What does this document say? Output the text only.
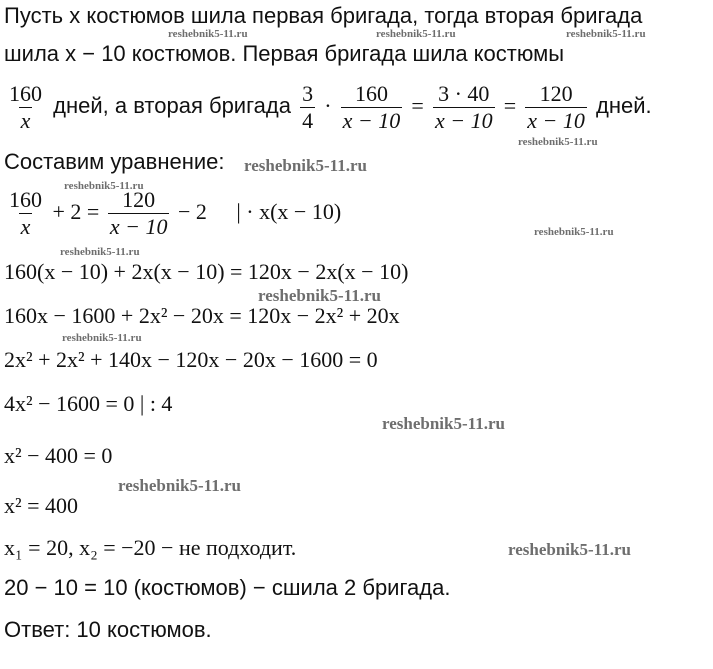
Пусть x костюмов шила первая бригада, тогда вторая бригада
шила x − 10 костюмов. Первая бригада шила костюмы
$\frac{160}{x}$ дней, а вторая бригада $\frac{3}{4} \cdot \frac{160}{x - 10} = \frac{3 \cdot 40}{x - 10} = \frac{120}{x - 10}$ дней.
Составим уравнение:
$\frac{160}{x} + 2 = \frac{120}{x - 10} - 2$ | · x(x − 10)
160(x − 10) + 2x(x − 10) = 120x − 2x(x − 10)
160x − 1600 + 2x² − 20x = 120x − 2x² + 20x
2x² + 2x² + 140x − 120x − 20x − 1600 = 0
4x² − 1600 = 0 | : 4
x² − 400 = 0
x² = 400
x₁ = 20, x₂ = −20 − не подходит.
20 − 10 = 10 (костюмов) − сшила 2 бригада.
Ответ: 10 костюмов.
reshebnik5-11.ru	reshebnik5-11.ru	reshebnik5-11.ru
reshebnik5-11.ru
reshebnik5-11.ru
reshebnik5-11.ru
reshebnik5-11.ru
reshebnik5-11.ru
reshebnik5-11.ru
reshebnik5-11.ru
reshebnik5-11.ru
reshebnik5-11.ru
reshebnik5-11.ru
